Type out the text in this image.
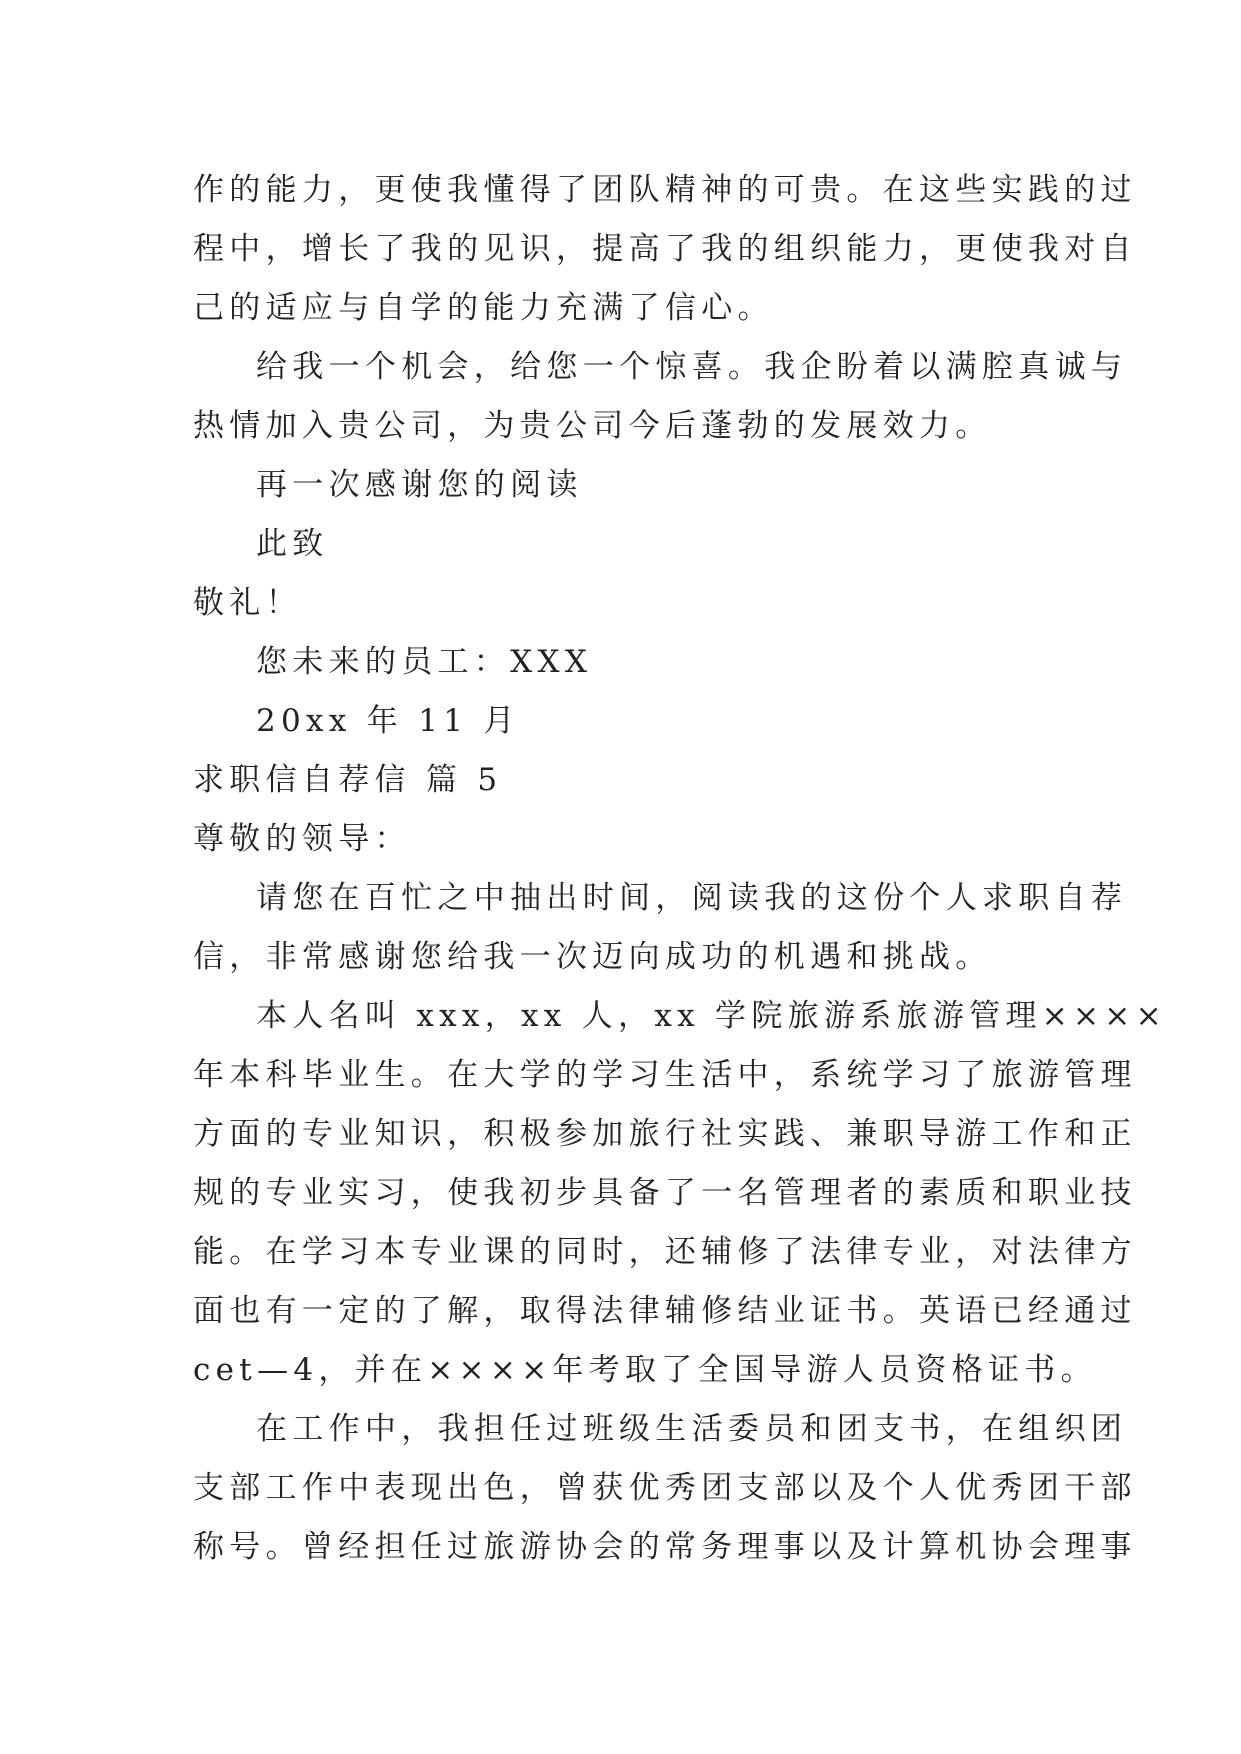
作的能力，更使我懂得了团队精神的可贵。在这些实践的过

程中，增长了我的见识，提高了我的组织能力，更使我对自

己的适应与自学的能力充满了信心。

给我一个机会，给您一个惊喜。我企盼着以满腔真诚与

热情加入贵公司，为贵公司今后蓬勃的发展效力。

再一次感谢您的阅读

此致

敬礼！

您未来的员工：XXX

20xx 年 11 月

求职信自荐信 篇 5

尊敬的领导：

请您在百忙之中抽出时间，阅读我的这份个人求职自荐

信，非常感谢您给我一次迈向成功的机遇和挑战。

本人名叫 xxx，xx 人，xx 学院旅游系旅游管理××××

年本科毕业生。在大学的学习生活中，系统学习了旅游管理

方面的专业知识，积极参加旅行社实践、兼职导游工作和正

规的专业实习，使我初步具备了一名管理者的素质和职业技

能。在学习本专业课的同时，还辅修了法律专业，对法律方

面也有一定的了解，取得法律辅修结业证书。英语已经通过

cet—4，并在××××年考取了全国导游人员资格证书。

在工作中，我担任过班级生活委员和团支书，在组织团

支部工作中表现出色，曾获优秀团支部以及个人优秀团干部

称号。曾经担任过旅游协会的常务理事以及计算机协会理事
